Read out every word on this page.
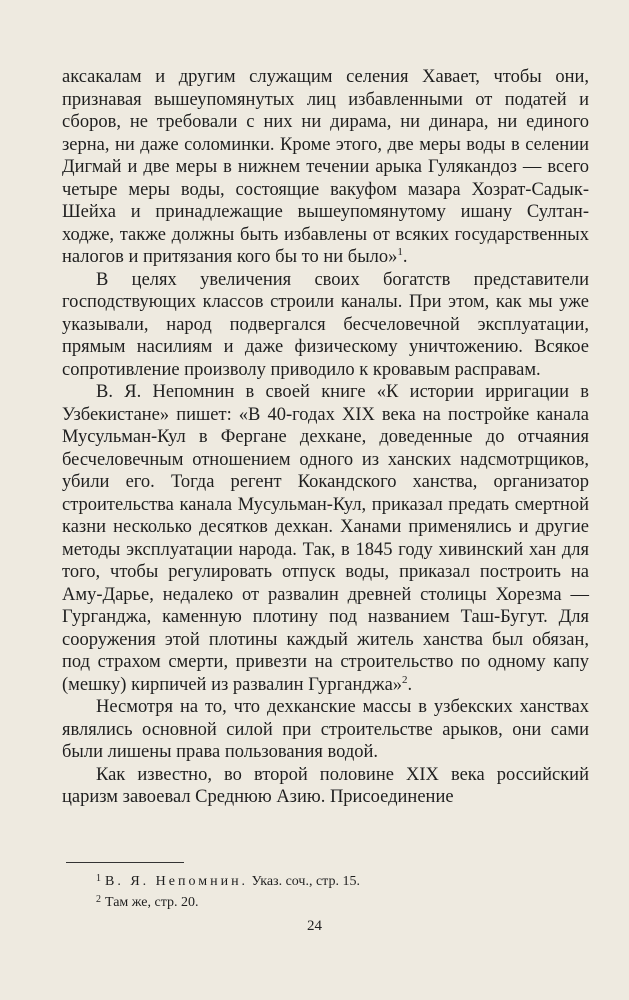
аксакалам и другим служащим селения Хавает, чтобы они, признавая вышеупомянутых лиц избавленными от податей и сборов, не требовали с них ни дирама, ни динара, ни единого зерна, ни даже соломинки. Кроме этого, две меры воды в селении Дигмай и две меры в нижнем течении арыка Гулякандоз — всего четыре меры воды, состоящие вакуфом мазара Хозрат-Садык-Шейха и принадлежащие вышеупомянутому ишану Султан-ходже, также должны быть избавлены от всяких государственных налогов и притязания кого бы то ни было»$^1$.

В целях увеличения своих богатств представители господствующих классов строили каналы. При этом, как мы уже указывали, народ подвергался бесчеловечной эксплуатации, прямым насилиям и даже физическому уничтожению. Всякое сопротивление произволу приводило к кровавым расправам.

В. Я. Непомнин в своей книге «К истории ирригации в Узбекистане» пишет: «В 40-годах XIX века на постройке канала Мусульман-Кул в Фергане дехкане, доведенные до отчаяния бесчеловечным отношением одного из ханских надсмотрщиков, убили его. Тогда регент Кокандского ханства, организатор строительства канала Мусульман-Кул, приказал предать смертной казни несколько десятков дехкан. Ханами применялись и другие методы эксплуатации народа. Так, в 1845 году хивинский хан для того, чтобы регулировать отпуск воды, приказал построить на Аму-Дарье, недалеко от развалин древней столицы Хорезма — Гурганджа, каменную плотину под названием Таш-Бугут. Для сооружения этой плотины каждый житель ханства был обязан, под страхом смерти, привезти на строительство по одному капу (мешку) кирпичей из развалин Гурганджа»$^2$.

Несмотря на то, что дехканские массы в узбекских ханствах являлись основной силой при строительстве арыков, они сами были лишены права пользования водой.

Как известно, во второй половине XIX века российский царизм завоевал Среднюю Азию. Присоединение

$^1$ В. Я. Непомнин. Указ. соч., стр. 15.
$^2$ Там же, стр. 20.
24
